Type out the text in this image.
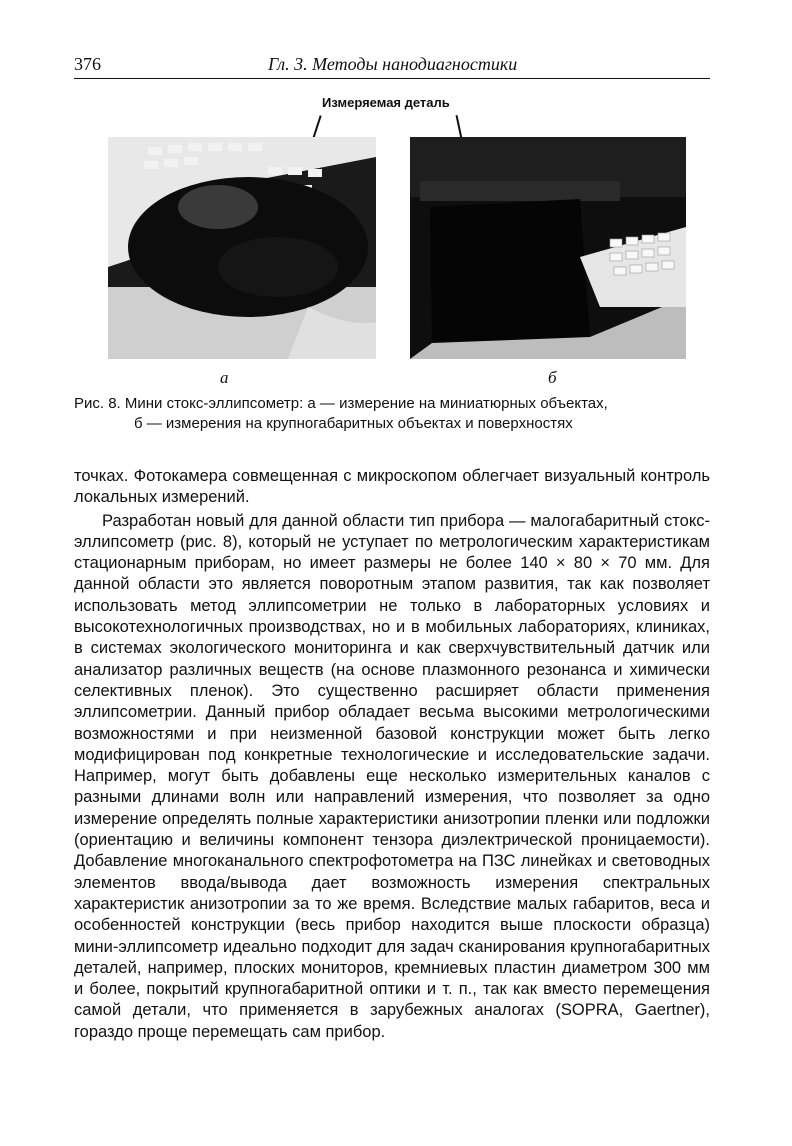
376	Гл. 3. Методы нанодиагностики
Измеряемая деталь
а	б
Рис. 8. Мини стокс-эллипсометр: а — измерение на миниатюрных объектах,
б — измерения на крупногабаритных объектах и поверхностях

точках. Фотокамера совмещенная с микроскопом облегчает визуальный контроль локальных измерений.

Разработан новый для данной области тип прибора — малогабаритный стокс-эллипсометр (рис. 8), который не уступает по метрологическим характеристикам стационарным приборам, но имеет размеры не более 140 × 80 × 70 мм. Для данной области это является поворотным этапом развития, так как позволяет использовать метод эллипсометрии не только в лабораторных условиях и высокотехнологичных производствах, но и в мобильных лабораториях, клиниках, в системах экологического мониторинга и как сверхчувствительный датчик или анализатор различных веществ (на основе плазмонного резонанса и химически селективных пленок). Это существенно расширяет области применения эллипсометрии. Данный прибор обладает весьма высокими метрологическими возможностями и при неизменной базовой конструкции может быть легко модифицирован под конкретные технологические и исследовательские задачи. Например, могут быть добавлены еще несколько измерительных каналов с разными длинами волн или направлений измерения, что позволяет за одно измерение определять полные характеристики анизотропии пленки или подложки (ориентацию и величины компонент тензора диэлектрической проницаемости). Добавление многоканального спектрофотометра на ПЗС линейках и световодных элементов ввода/вывода дает возможность измерения спектральных характеристик анизотропии за то же время. Вследствие малых габаритов, веса и особенностей конструкции (весь прибор находится выше плоскости образца) мини-эллипсометр идеально подходит для задач сканирования крупногабаритных деталей, например, плоских мониторов, кремниевых пластин диаметром 300 мм и более, покрытий крупногабаритной оптики и т. п., так как вместо перемещения самой детали, что применяется в зарубежных аналогах (SOPRA, Gaertner), гораздо проще перемещать сам прибор.
